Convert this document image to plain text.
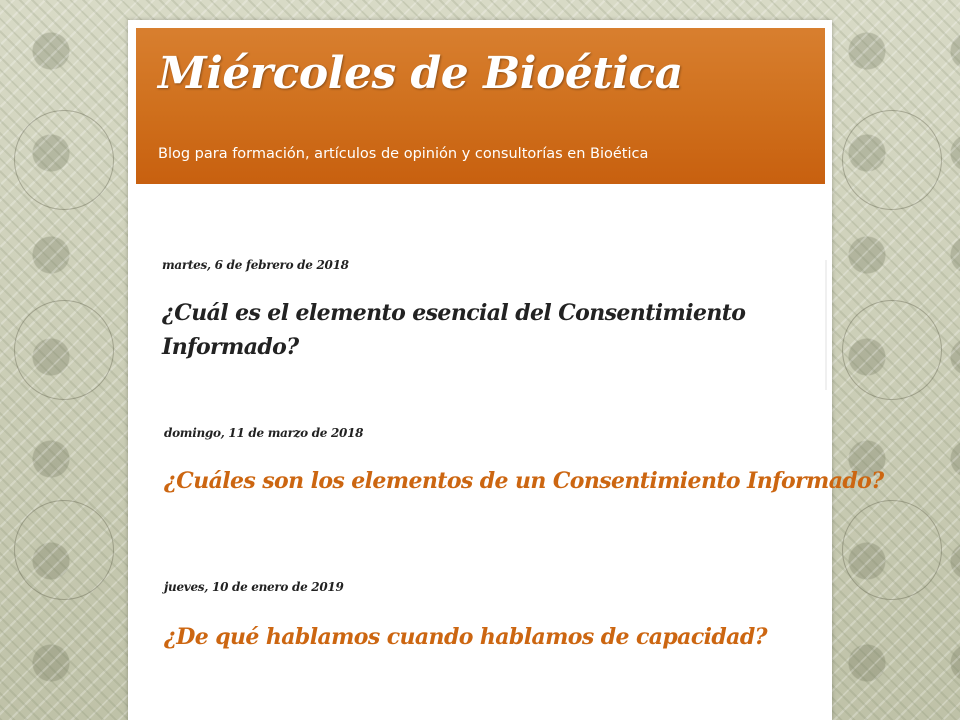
Miércoles de Bioética

Blog para formación, artículos de opinión y consultorías en Bioética

martes, 6 de febrero de 2018
¿Cuál es el elemento esencial del Consentimiento
Informado?
domingo, 11 de marzo de 2018
¿Cuáles son los elementos de un Consentimiento Informado?
jueves, 10 de enero de 2019
¿De qué hablamos cuando hablamos de capacidad?
